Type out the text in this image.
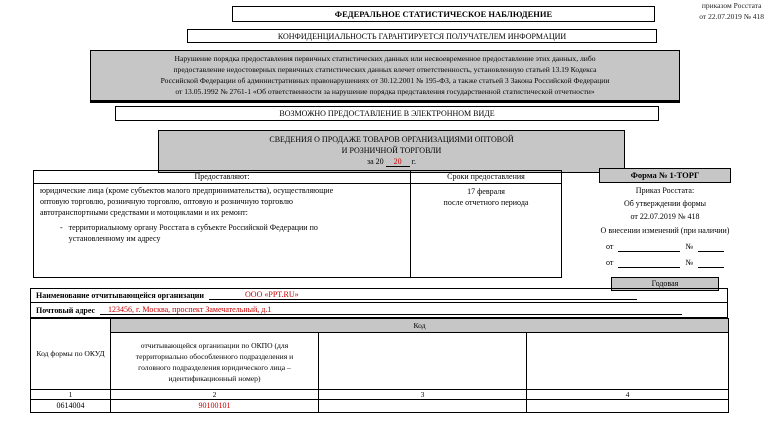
приказом Росстата
от 22.07.2019 № 418
ФЕДЕРАЛЬНОЕ СТАТИСТИЧЕСКОЕ НАБЛЮДЕНИЕ
КОНФИДЕНЦИАЛЬНОСТЬ ГАРАНТИРУЕТСЯ ПОЛУЧАТЕЛЕМ ИНФОРМАЦИИ
Нарушение порядка предоставления первичных статистических данных или несвоевременное предоставление этих данных, либо
предоставление недостоверных первичных статистических данных влечет ответственность, установленную статьей 13.19 Кодекса
Российской Федерации об административных правонарушениях от 30.12.2001 № 195-ФЗ, а также статьей 3 Закона Российской Федерации
от 13.05.1992 № 2761-1 «Об ответственности за нарушение порядка представления государственной статистической отчетности»
ВОЗМОЖНО ПРЕДОСТАВЛЕНИЕ В ЭЛЕКТРОННОМ ВИДЕ
СВЕДЕНИЯ О ПРОДАЖЕ ТОВАРОВ ОРГАНИЗАЦИЯМИ ОПТОВОЙ
И РОЗНИЧНОЙ ТОРГОВЛИ
за 20 20 г.
Предоставляют:	Сроки предоставления
юридические лица (кроме субъектов малого предпринимательства), осуществляющие
оптовую торговлю, розничную торговлю, оптовую и розничную торговлю
автотранспортными средствами и мотоциклами и их ремонт:
- территориальному органу Росстата в субъекте Российской Федерации по установленному им адресу
17 февраля
после отчетного периода
Форма № 1-ТОРГ

Приказ Росстата:

Об утверждении формы

от 22.07.2019 № 418

О внесении изменений (при наличии)

от	№
от	№
Годовая
Наименование отчитывающейся организации	ООО «PPT.RU»
Почтовый адрес	123456, г. Москва, проспект Замечательный, д.1
Код формы по ОКУД	Код		
	отчитывающейся организации по ОКПО (для территориально обособленного подразделения и головного подразделения юридического лица – идентификационный номер)		
1	2	3	4
0614004	90100101		
